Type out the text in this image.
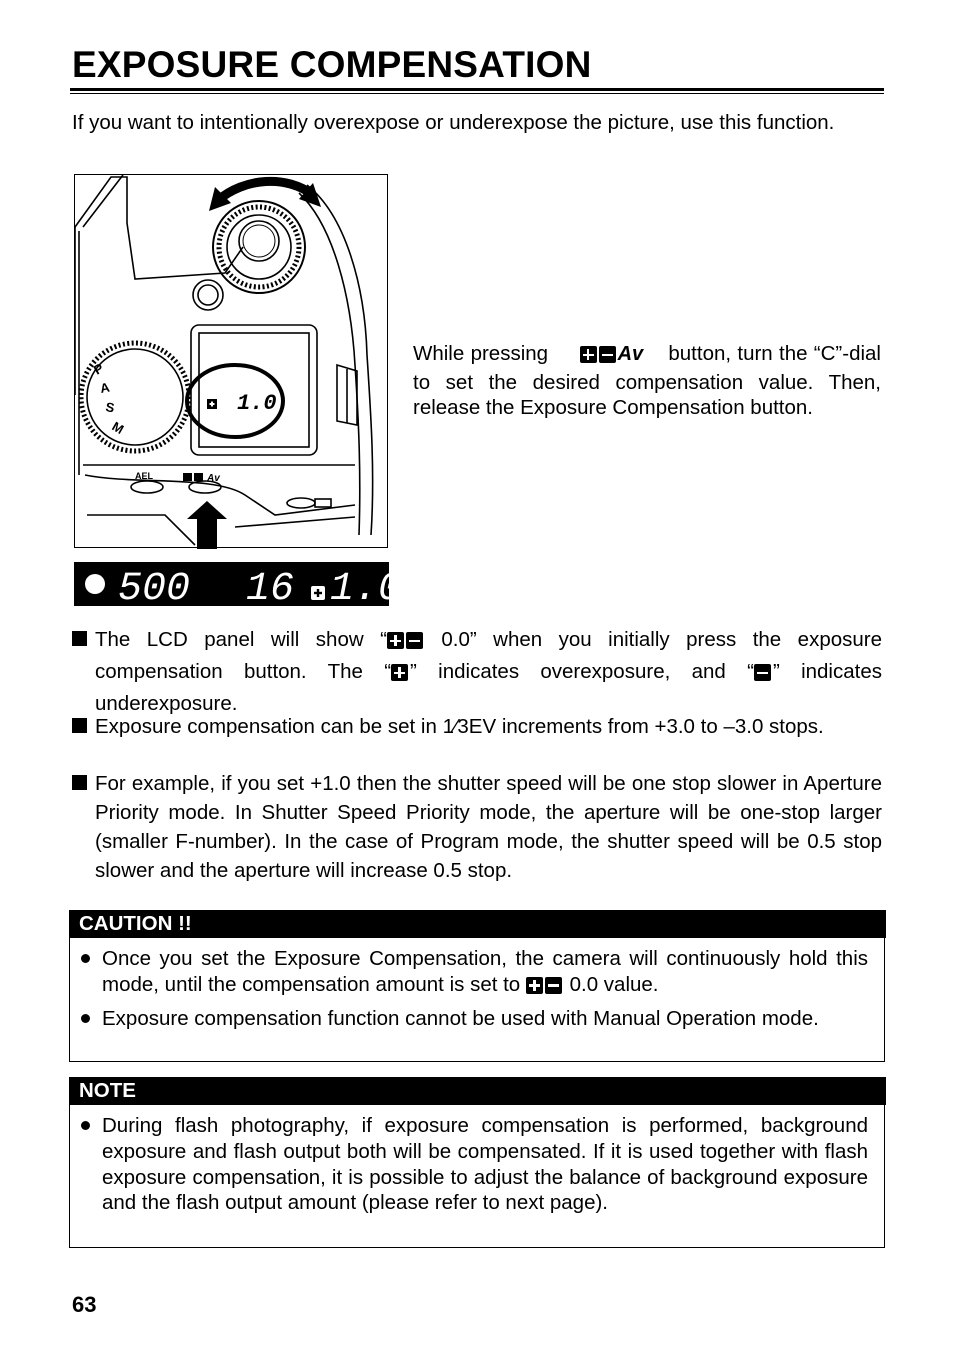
EXPOSURE COMPENSATION
If you want to intentionally overexpose or underexpose the picture, use this function.
P
A
S
M
1.0
AEL	Av
500 16 1.0
While pressing	Av button, turn the “C”-dial to set the desired compensation value. Then, release the Exposure Compensation button.
The LCD panel will show “ 0.0” when you initially press the exposure compensation button. The “ ” indicates overexposure, and “ ” indicates underexposure.
Exposure compensation can be set in 1⁄3EV increments from +3.0 to –3.0 stops.
For example, if you set +1.0 then the shutter speed will be one stop slower in Aperture Priority mode. In Shutter Speed Priority mode, the aperture will be one-stop larger (smaller F-number). In the case of Program mode, the shutter speed will be 0.5 stop slower and the aperture will increase 0.5 stop.
CAUTION !!
Once you set the Exposure Compensation, the camera will continuously hold this mode, until the compensation amount is set to  0.0 value.
Exposure compensation function cannot be used with Manual Operation mode.
NOTE
During flash photography, if exposure compensation is performed, background exposure and flash output both will be compensated. If it is used together with flash exposure compensation, it is possible to adjust the balance of background exposure and the flash output amount (please refer to next page).
63
